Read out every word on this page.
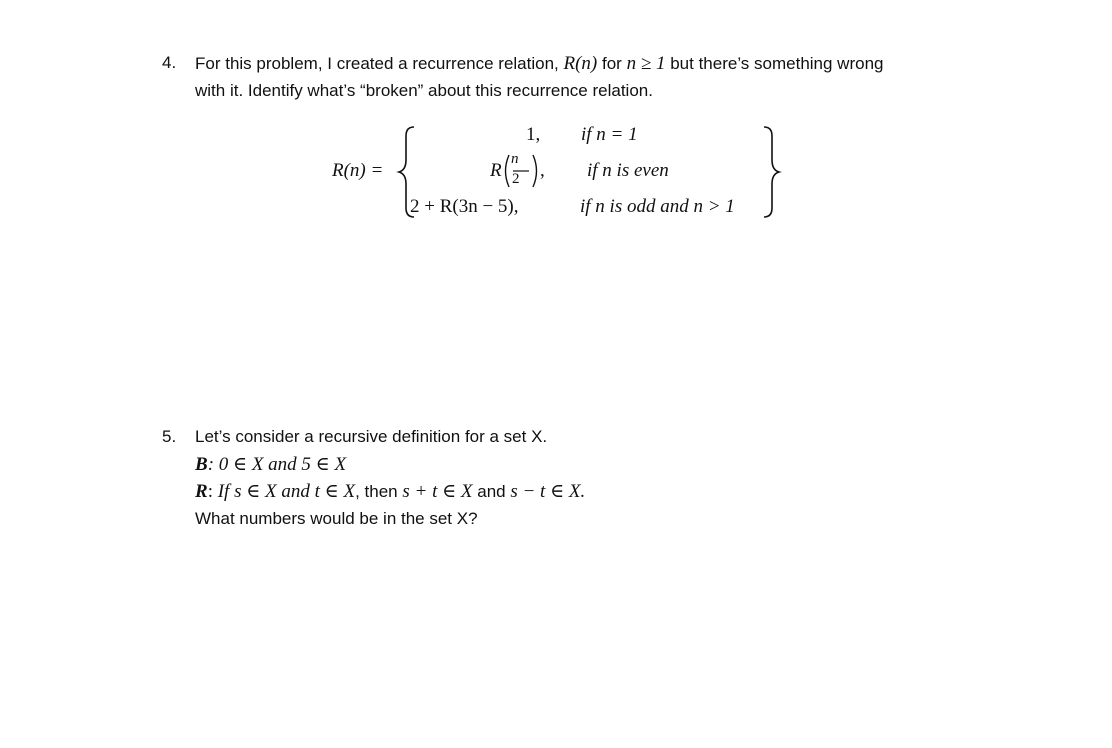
4. For this problem, I created a recurrence relation, R(n) for n ≥ 1 but there’s something wrong
with it. Identify what’s “broken” about this recurrence relation.
R(n) =
1, if n = 1
R
n
2 , if n is even
2 + R(3n − 5),	if n is odd and n > 1
5. Let’s consider a recursive definition for a set X.
B: 0 ∈ X and 5 ∈ X
R: If s ∈ X and t ∈ X, then s + t ∈ X and s − t ∈ X.
What numbers would be in the set X?
